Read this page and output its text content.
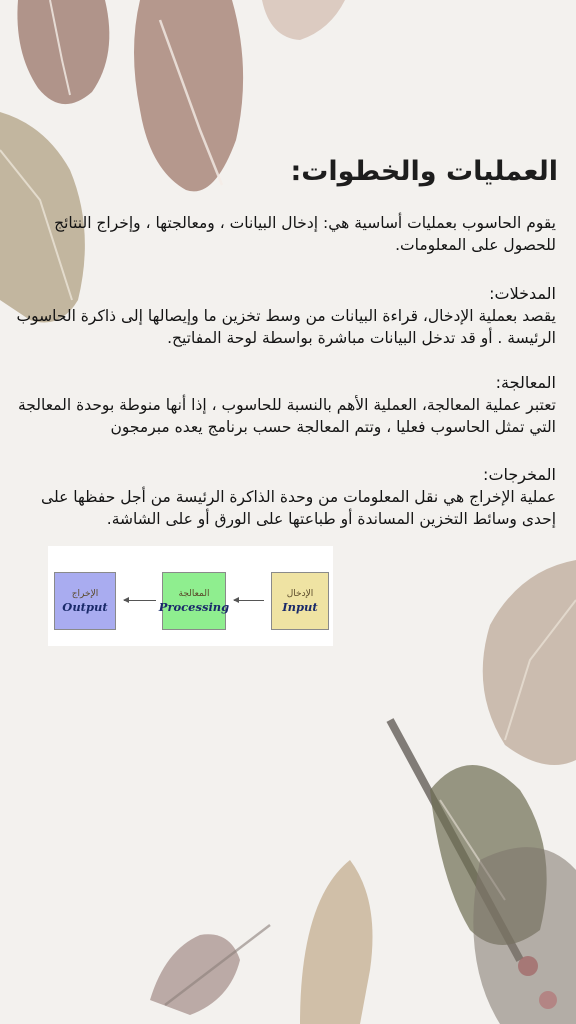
العمليات والخطوات:
يقوم الحاسوب بعمليات أساسية هي: إدخال البيانات ، ومعالجتها ، وإخراج النتائج للحصول على المعلومات.
المدخلات:
يقصد بعملية الإدخال، قراءة البيانات من وسط تخزين ما وإيصالها إلى ذاكرة الحاسوب الرئيسة . أو قد تدخل البيانات مباشرة بواسطة لوحة المفاتيح.
المعالجة:
تعتبر عملية المعالجة، العملية الأهم بالنسبة للحاسوب ، إذا أنها منوطة بوحدة المعالجة التي تمثل الحاسوب فعليا ، وتتم المعالجة حسب برنامج يعده مبرمجون
المخرجات:
عملية الإخراج هي نقل المعلومات من وحدة الذاكرة الرئيسة من أجل حفظها على إحدى وسائط التخزين المساندة أو طباعتها على الورق أو على الشاشة.
الإخراج
Output
المعالجة
Processing
الإدخال
Input
